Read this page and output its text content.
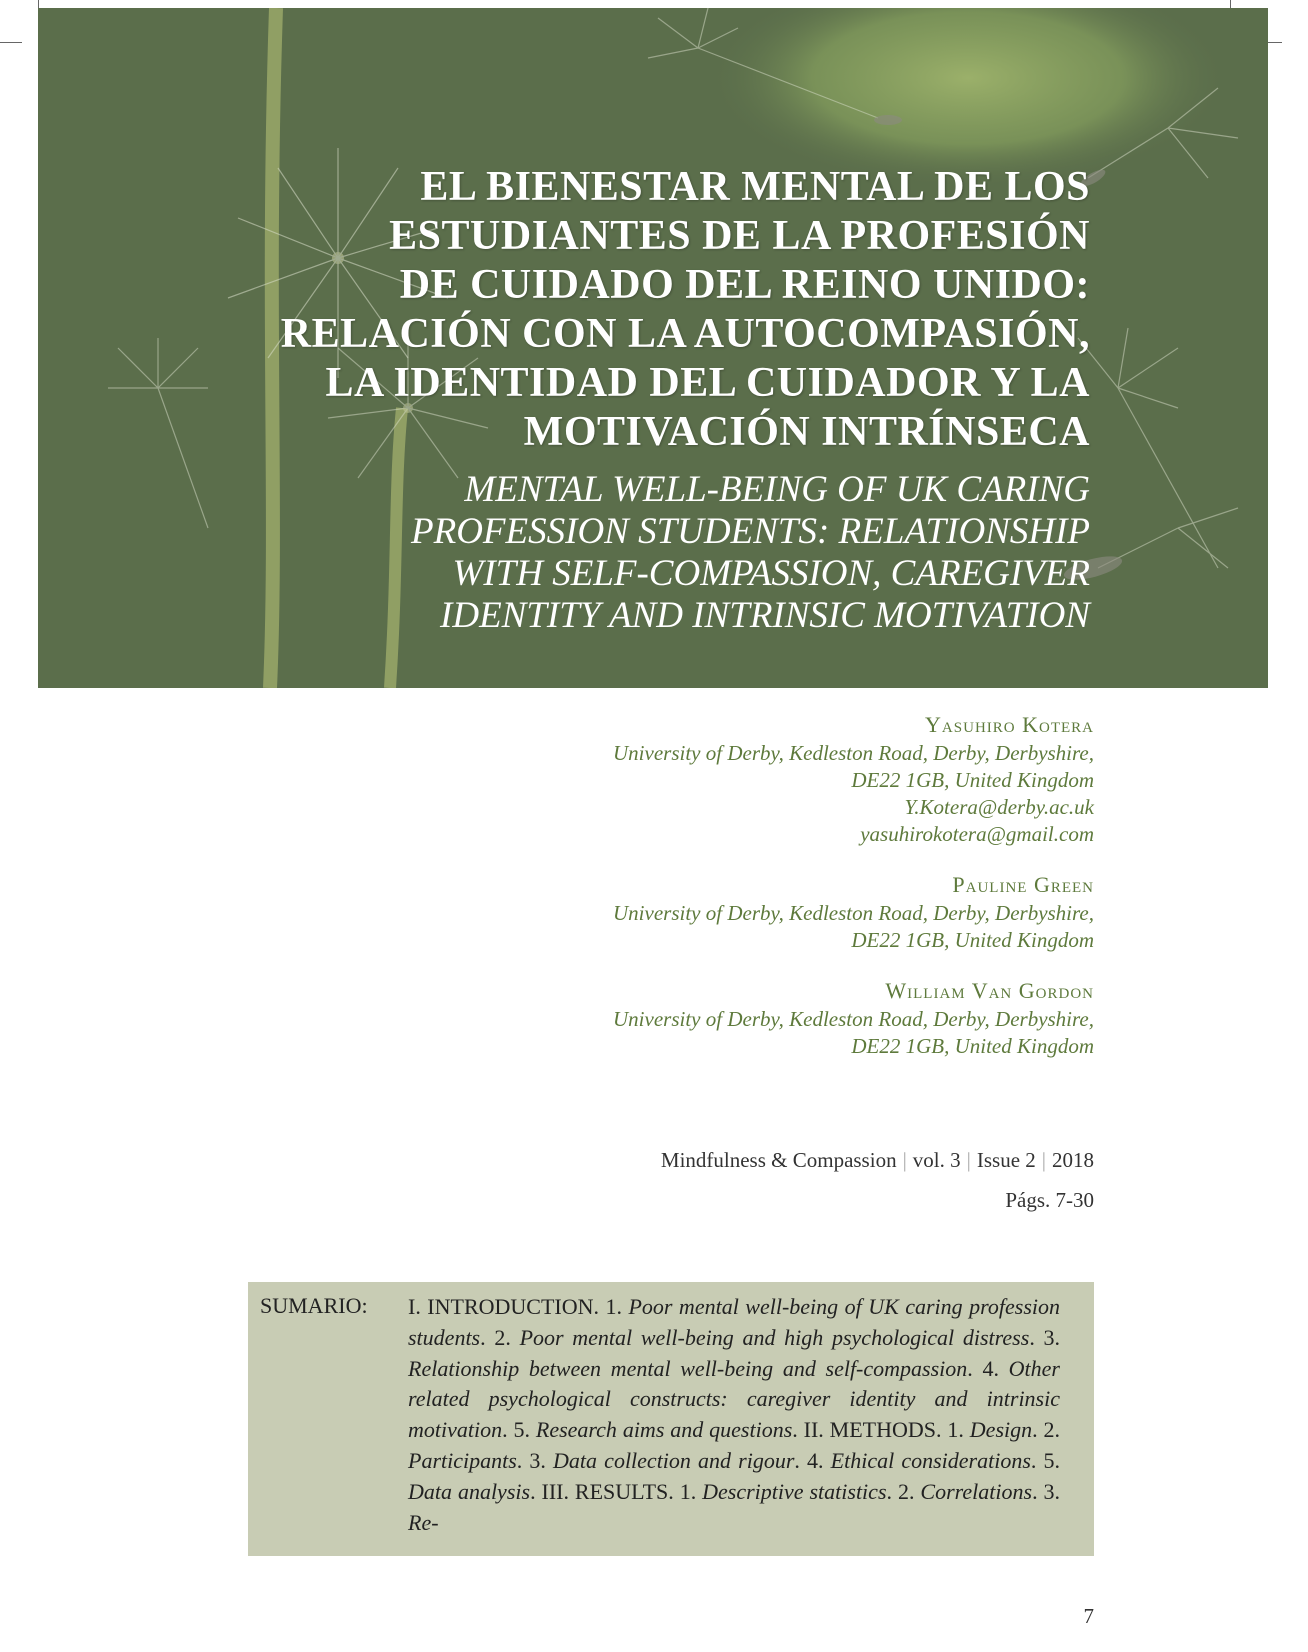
EL BIENESTAR MENTAL DE LOS
ESTUDIANTES DE LA PROFESIÓN
DE CUIDADO DEL REINO UNIDO:
RELACIÓN CON LA AUTOCOMPASIÓN,
LA IDENTIDAD DEL CUIDADOR Y LA
MOTIVACIÓN INTRÍNSECA
MENTAL WELL-BEING OF UK CARING
PROFESSION STUDENTS: RELATIONSHIP
WITH SELF-COMPASSION, CAREGIVER
IDENTITY AND INTRINSIC MOTIVATION
Yasuhiro Kotera
University of Derby, Kedleston Road, Derby, Derbyshire,
DE22 1GB, United Kingdom
Y.Kotera@derby.ac.uk
yasuhirokotera@gmail.com
Pauline Green
University of Derby, Kedleston Road, Derby, Derbyshire,
DE22 1GB, United Kingdom
William Van Gordon
University of Derby, Kedleston Road, Derby, Derbyshire,
DE22 1GB, United Kingdom
Mindfulness & Compassion | vol. 3 | Issue 2 | 2018
Págs. 7-30
SUMARIO: I. INTRODUCTION. 1. Poor mental well-being of UK caring profession students. 2. Poor mental well-being and high psychological distress. 3. Relationship between mental well-being and self-compassion. 4. Other related psychological constructs: caregiver identity and intrinsic motivation. 5. Research aims and questions. II. METHODS. 1. Design. 2. Participants. 3. Data collection and rigour. 4. Ethical considerations. 5. Data analysis. III. RESULTS. 1. Descriptive statistics. 2. Correlations. 3. Re-
7
